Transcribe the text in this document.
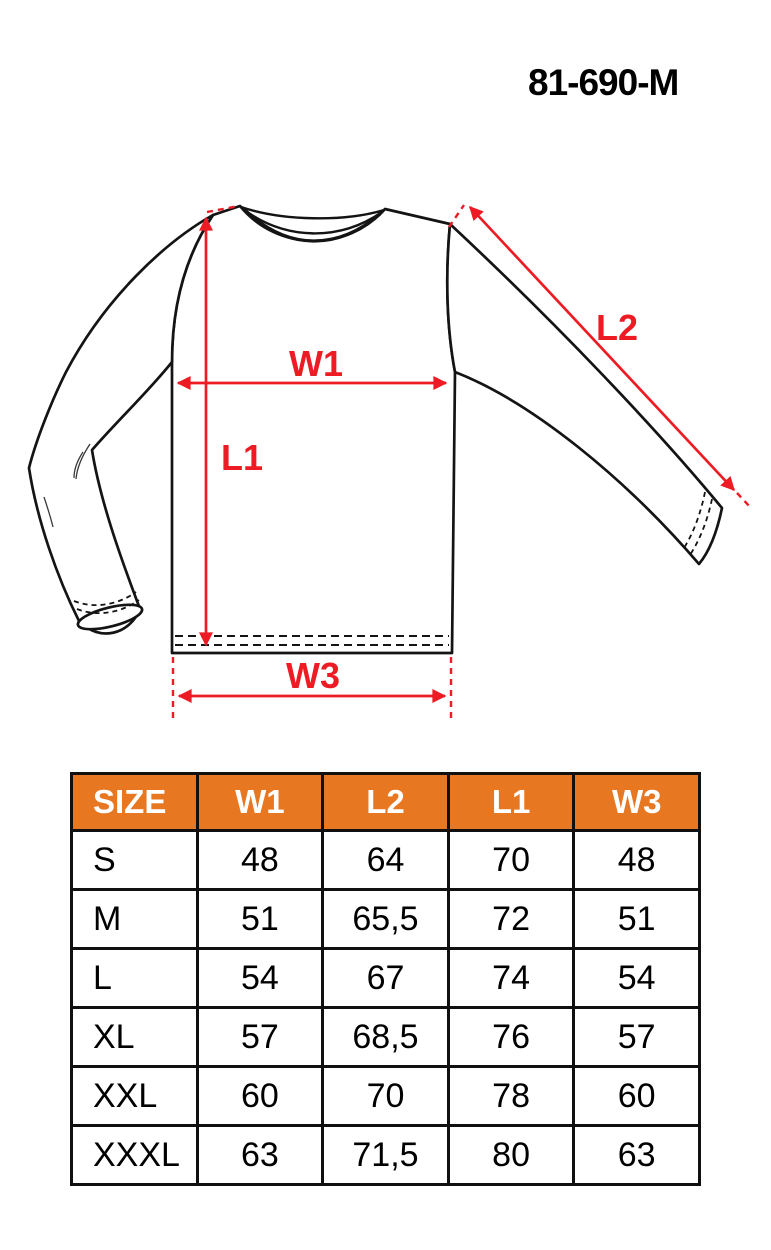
81-690-M
W1
L1
L2
W3
SIZE	W1	L2	L1	W3
S	48	64	70	48
M	51	65,5	72	51
L	54	67	74	54
XL	57	68,5	76	57
XXL	60	70	78	60
XXXL	63	71,5	80	63
